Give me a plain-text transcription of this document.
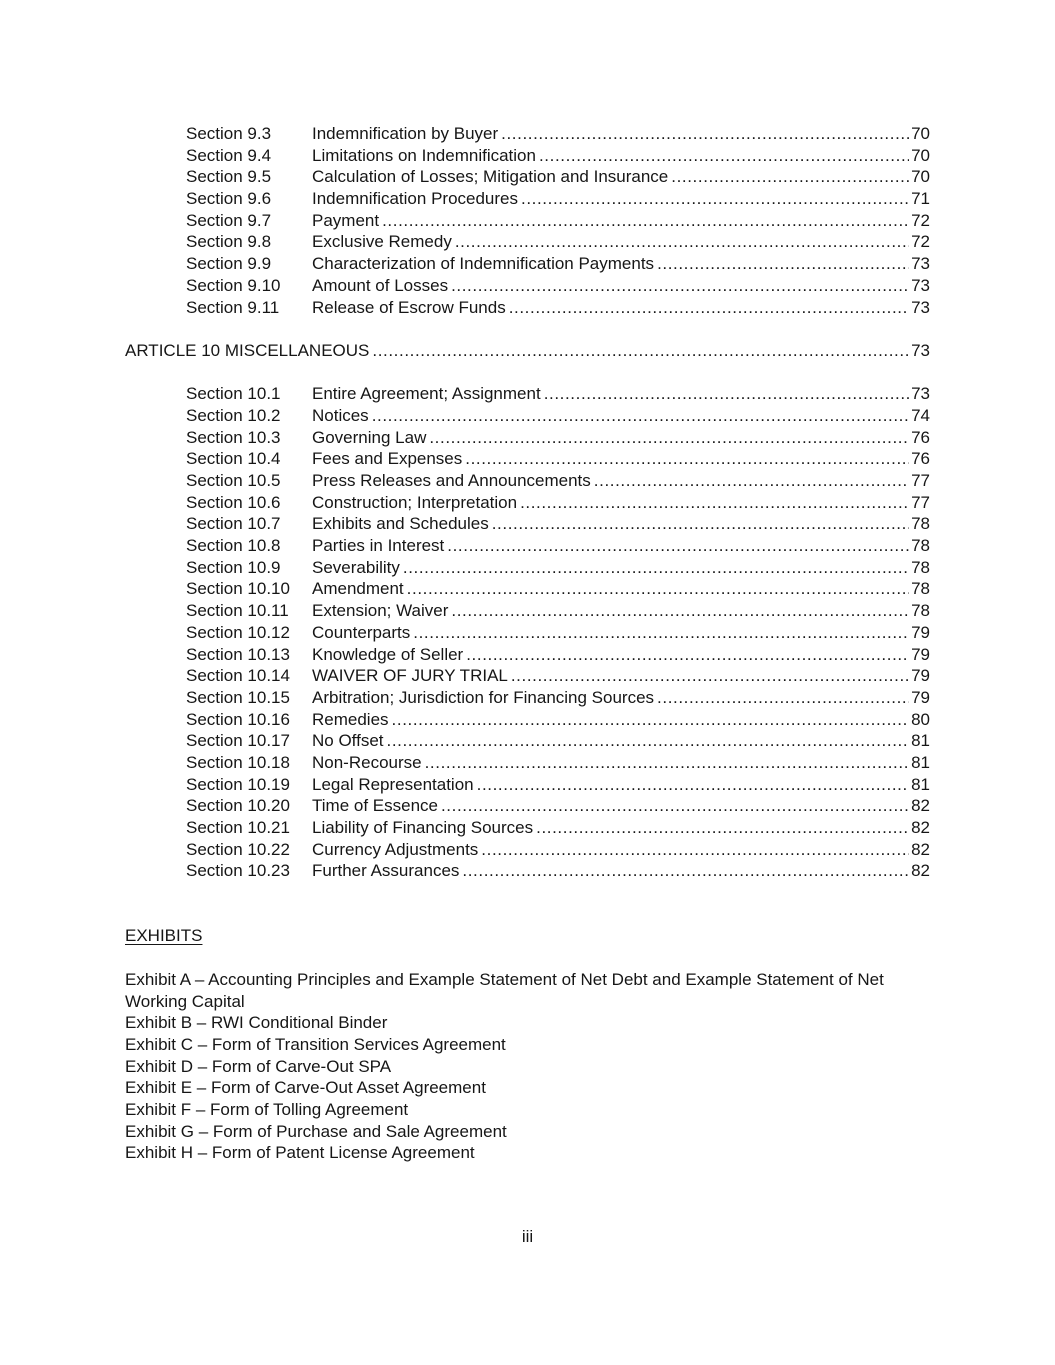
Section 9.3	Indemnification by Buyer .....	70
Section 9.4	Limitations on Indemnification .....	70
Section 9.5	Calculation of Losses; Mitigation and Insurance .....	70
Section 9.6	Indemnification Procedures .....	71
Section 9.7	Payment .....	72
Section 9.8	Exclusive Remedy .....	72
Section 9.9	Characterization of Indemnification Payments .....	73
Section 9.10	Amount of Losses .....	73
Section 9.11	Release of Escrow Funds .....	73
ARTICLE 10 MISCELLANEOUS .....	73
Section 10.1	Entire Agreement; Assignment .....	73
Section 10.2	Notices .....	74
Section 10.3	Governing Law .....	76
Section 10.4	Fees and Expenses .....	76
Section 10.5	Press Releases and Announcements .....	77
Section 10.6	Construction; Interpretation .....	77
Section 10.7	Exhibits and Schedules .....	78
Section 10.8	Parties in Interest .....	78
Section 10.9	Severability .....	78
Section 10.10	Amendment .....	78
Section 10.11	Extension; Waiver .....	78
Section 10.12	Counterparts .....	79
Section 10.13	Knowledge of Seller .....	79
Section 10.14	WAIVER OF JURY TRIAL .....	79
Section 10.15	Arbitration; Jurisdiction for Financing Sources .....	79
Section 10.16	Remedies .....	80
Section 10.17	No Offset .....	81
Section 10.18	Non-Recourse .....	81
Section 10.19	Legal Representation .....	81
Section 10.20	Time of Essence .....	82
Section 10.21	Liability of Financing Sources .....	82
Section 10.22	Currency Adjustments .....	82
Section 10.23	Further Assurances .....	82
EXHIBITS
Exhibit A – Accounting Principles and Example Statement of Net Debt and Example Statement of Net Working Capital
Exhibit B – RWI Conditional Binder
Exhibit C – Form of Transition Services Agreement
Exhibit D – Form of Carve-Out SPA
Exhibit E – Form of Carve-Out Asset Agreement
Exhibit F – Form of Tolling Agreement
Exhibit G – Form of Purchase and Sale Agreement
Exhibit H – Form of Patent License Agreement
iii
